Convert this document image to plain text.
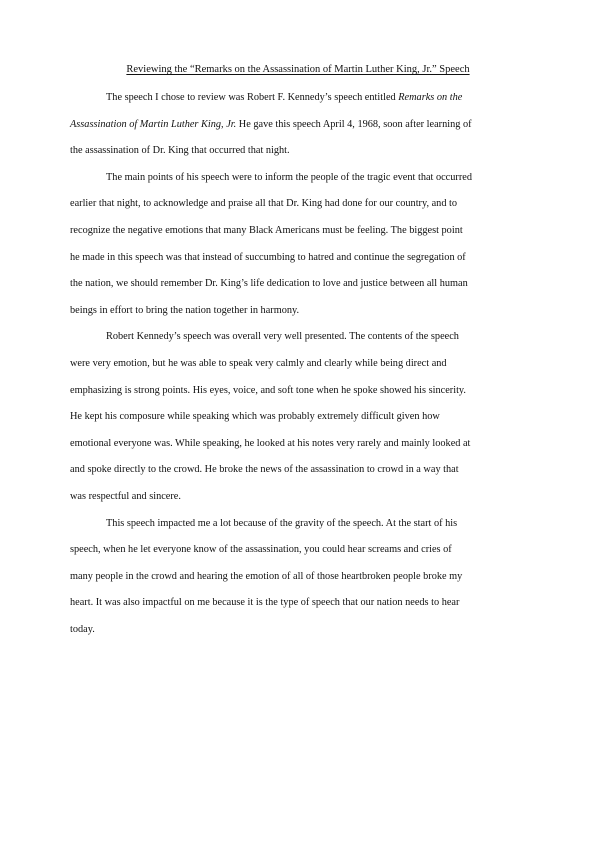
Reviewing the “Remarks on the Assassination of Martin Luther King, Jr.” Speech

The speech I chose to review was Robert F. Kennedy’s speech entitled Remarks on the
Assassination of Martin Luther King, Jr. He gave this speech April 4, 1968, soon after learning of
the assassination of Dr. King that occurred that night.

The main points of his speech were to inform the people of the tragic event that occurred
earlier that night, to acknowledge and praise all that Dr. King had done for our country, and to
recognize the negative emotions that many Black Americans must be feeling. The biggest point
he made in this speech was that instead of succumbing to hatred and continue the segregation of
the nation, we should remember Dr. King’s life dedication to love and justice between all human
beings in effort to bring the nation together in harmony.

Robert Kennedy’s speech was overall very well presented. The contents of the speech
were very emotion, but he was able to speak very calmly and clearly while being direct and
emphasizing is strong points. His eyes, voice, and soft tone when he spoke showed his sincerity.
He kept his composure while speaking which was probably extremely difficult given how
emotional everyone was. While speaking, he looked at his notes very rarely and mainly looked at
and spoke directly to the crowd. He broke the news of the assassination to crowd in a way that
was respectful and sincere.

This speech impacted me a lot because of the gravity of the speech. At the start of his
speech, when he let everyone know of the assassination, you could hear screams and cries of
many people in the crowd and hearing the emotion of all of those heartbroken people broke my
heart. It was also impactful on me because it is the type of speech that our nation needs to hear
today.
